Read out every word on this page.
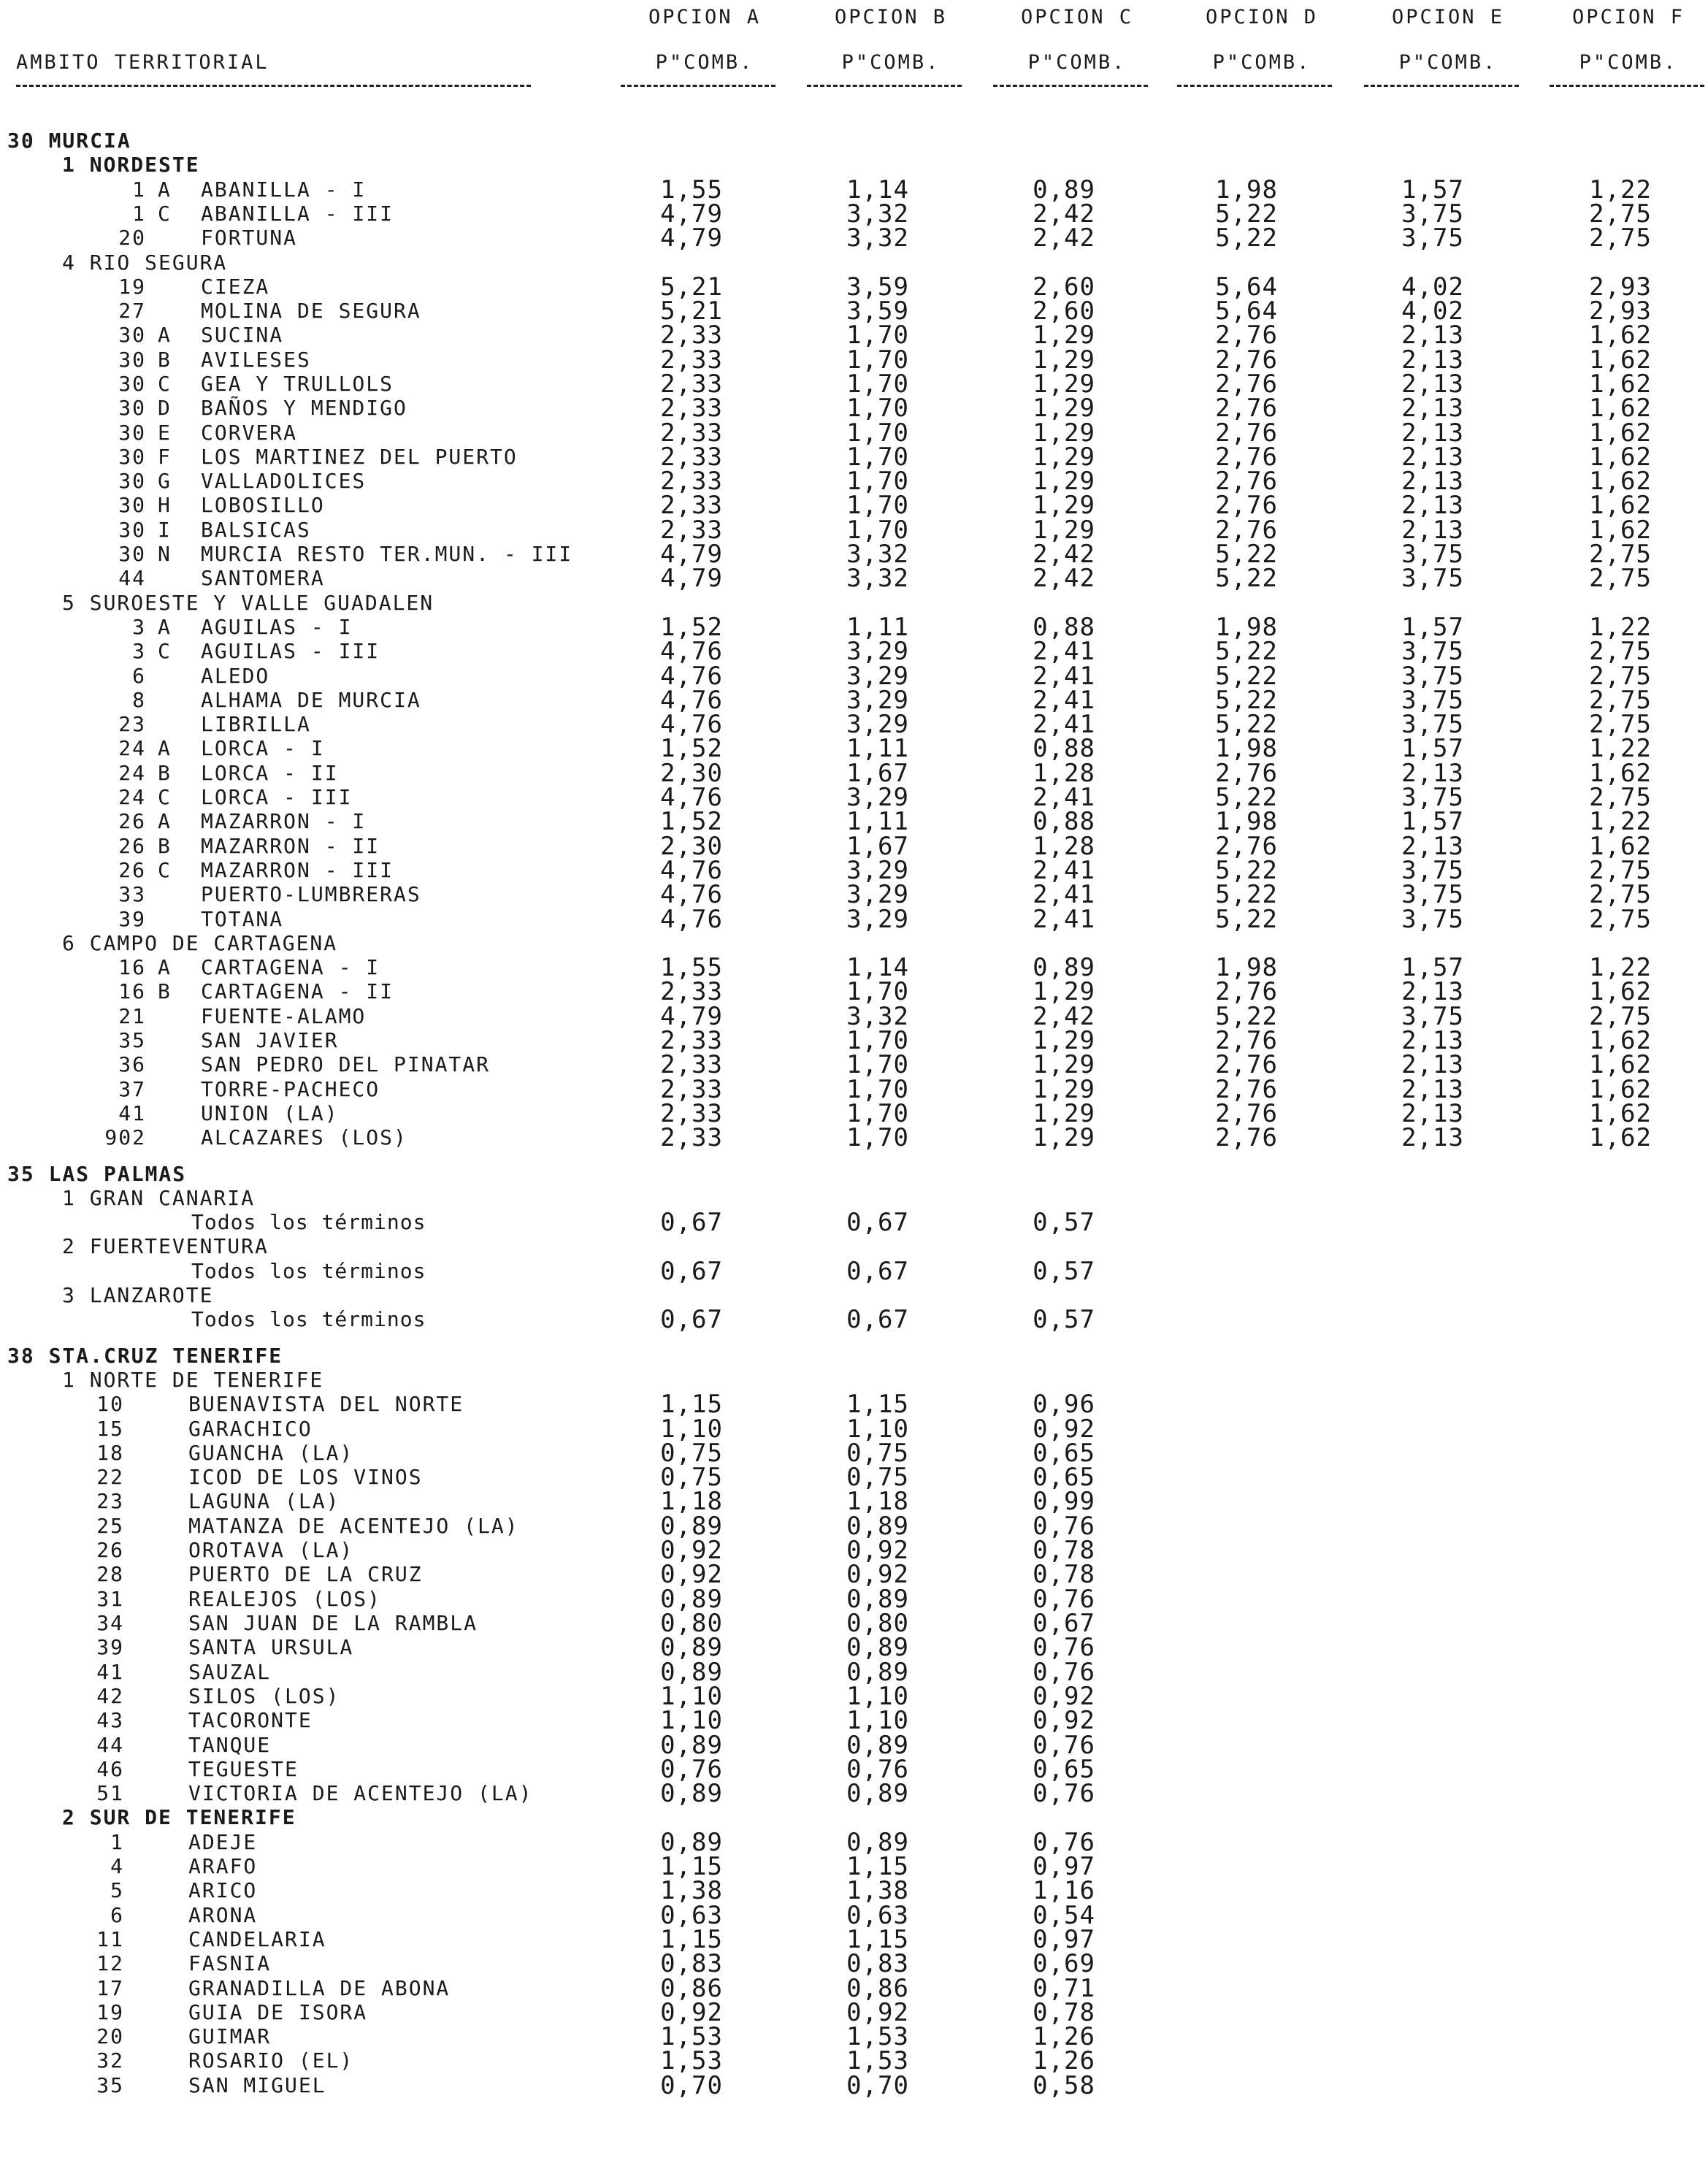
AMBITO TERRITORIAL
OPCION A	OPCION B	OPCION C	OPCION D	OPCION E	OPCION F
P"COMB.	P"COMB.	P"COMB.	P"COMB.	P"COMB.	P"COMB.
30 MURCIA
1 NORDESTE
1 A	ABANILLA - I	1,55	1,14	0,89	1,98	1,57	1,22
1 C	ABANILLA - III	4,79	3,32	2,42	5,22	3,75	2,75
20	FORTUNA	4,79	3,32	2,42	5,22	3,75	2,75
4 RIO SEGURA
19	CIEZA	5,21	3,59	2,60	5,64	4,02	2,93
27	MOLINA DE SEGURA	5,21	3,59	2,60	5,64	4,02	2,93
30 A	SUCINA	2,33	1,70	1,29	2,76	2,13	1,62
30 B	AVILESES	2,33	1,70	1,29	2,76	2,13	1,62
30 C	GEA Y TRULLOLS	2,33	1,70	1,29	2,76	2,13	1,62
30 D	BAÑOS Y MENDIGO	2,33	1,70	1,29	2,76	2,13	1,62
30 E	CORVERA	2,33	1,70	1,29	2,76	2,13	1,62
30 F	LOS MARTINEZ DEL PUERTO	2,33	1,70	1,29	2,76	2,13	1,62
30 G	VALLADOLICES	2,33	1,70	1,29	2,76	2,13	1,62
30 H	LOBOSILLO	2,33	1,70	1,29	2,76	2,13	1,62
30 I	BALSICAS	2,33	1,70	1,29	2,76	2,13	1,62
30 N	MURCIA RESTO TER.MUN. - III	4,79	3,32	2,42	5,22	3,75	2,75
44	SANTOMERA	4,79	3,32	2,42	5,22	3,75	2,75
5 SUROESTE Y VALLE GUADALEN
3 A	AGUILAS - I	1,52	1,11	0,88	1,98	1,57	1,22
3 C	AGUILAS - III	4,76	3,29	2,41	5,22	3,75	2,75
6	ALEDO	4,76	3,29	2,41	5,22	3,75	2,75
8	ALHAMA DE MURCIA	4,76	3,29	2,41	5,22	3,75	2,75
23	LIBRILLA	4,76	3,29	2,41	5,22	3,75	2,75
24 A	LORCA - I	1,52	1,11	0,88	1,98	1,57	1,22
24 B	LORCA - II	2,30	1,67	1,28	2,76	2,13	1,62
24 C	LORCA - III	4,76	3,29	2,41	5,22	3,75	2,75
26 A	MAZARRON - I	1,52	1,11	0,88	1,98	1,57	1,22
26 B	MAZARRON - II	2,30	1,67	1,28	2,76	2,13	1,62
26 C	MAZARRON - III	4,76	3,29	2,41	5,22	3,75	2,75
33	PUERTO-LUMBRERAS	4,76	3,29	2,41	5,22	3,75	2,75
39	TOTANA	4,76	3,29	2,41	5,22	3,75	2,75
6 CAMPO DE CARTAGENA
16 A	CARTAGENA - I	1,55	1,14	0,89	1,98	1,57	1,22
16 B	CARTAGENA - II	2,33	1,70	1,29	2,76	2,13	1,62
21	FUENTE-ALAMO	4,79	3,32	2,42	5,22	3,75	2,75
35	SAN JAVIER	2,33	1,70	1,29	2,76	2,13	1,62
36	SAN PEDRO DEL PINATAR	2,33	1,70	1,29	2,76	2,13	1,62
37	TORRE-PACHECO	2,33	1,70	1,29	2,76	2,13	1,62
41	UNION (LA)	2,33	1,70	1,29	2,76	2,13	1,62
902	ALCAZARES (LOS)	2,33	1,70	1,29	2,76	2,13	1,62
35 LAS PALMAS
1 GRAN CANARIA
Todos los términos	0,67	0,67	0,57
2 FUERTEVENTURA
Todos los términos	0,67	0,67	0,57
3 LANZAROTE
Todos los términos	0,67	0,67	0,57
38 STA.CRUZ TENERIFE
1 NORTE DE TENERIFE
10	BUENAVISTA DEL NORTE	1,15	1,15	0,96
15	GARACHICO	1,10	1,10	0,92
18	GUANCHA (LA)	0,75	0,75	0,65
22	ICOD DE LOS VINOS	0,75	0,75	0,65
23	LAGUNA (LA)	1,18	1,18	0,99
25	MATANZA DE ACENTEJO (LA)	0,89	0,89	0,76
26	OROTAVA (LA)	0,92	0,92	0,78
28	PUERTO DE LA CRUZ	0,92	0,92	0,78
31	REALEJOS (LOS)	0,89	0,89	0,76
34	SAN JUAN DE LA RAMBLA	0,80	0,80	0,67
39	SANTA URSULA	0,89	0,89	0,76
41	SAUZAL	0,89	0,89	0,76
42	SILOS (LOS)	1,10	1,10	0,92
43	TACORONTE	1,10	1,10	0,92
44	TANQUE	0,89	0,89	0,76
46	TEGUESTE	0,76	0,76	0,65
51	VICTORIA DE ACENTEJO (LA)	0,89	0,89	0,76
2 SUR DE TENERIFE
1	ADEJE	0,89	0,89	0,76
4	ARAFO	1,15	1,15	0,97
5	ARICO	1,38	1,38	1,16
6	ARONA	0,63	0,63	0,54
11	CANDELARIA	1,15	1,15	0,97
12	FASNIA	0,83	0,83	0,69
17	GRANADILLA DE ABONA	0,86	0,86	0,71
19	GUIA DE ISORA	0,92	0,92	0,78
20	GUIMAR	1,53	1,53	1,26
32	ROSARIO (EL)	1,53	1,53	1,26
35	SAN MIGUEL	0,70	0,70	0,58
